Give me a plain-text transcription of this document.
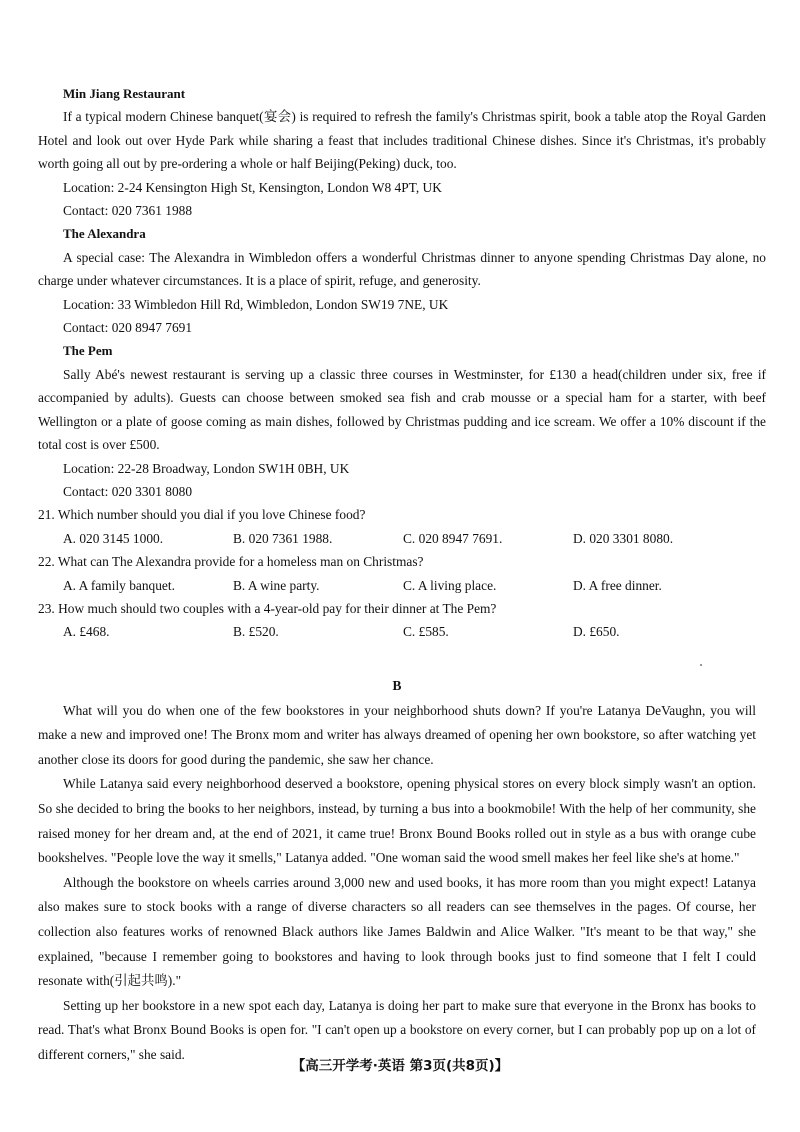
Min Jiang Restaurant

If a typical modern Chinese banquet(宴会) is required to refresh the family's Christmas spirit, book a table atop the Royal Garden Hotel and look out over Hyde Park while sharing a feast that includes traditional Chinese dishes. Since it's Christmas, it's probably worth going all out by pre-ordering a whole or half Beijing(Peking) duck, too.

Location: 2-24 Kensington High St, Kensington, London W8 4PT, UK

Contact: 020 7361 1988

The Alexandra

A special case: The Alexandra in Wimbledon offers a wonderful Christmas dinner to anyone spending Christmas Day alone, no charge under whatever circumstances. It is a place of spirit, refuge, and generosity.

Location: 33 Wimbledon Hill Rd, Wimbledon, London SW19 7NE, UK

Contact: 020 8947 7691

The Pem

Sally Abé's newest restaurant is serving up a classic three courses in Westminster, for £130 a head(children under six, free if accompanied by adults). Guests can choose between smoked sea fish and crab mousse or a special ham for a starter, with beef Wellington or a plate of goose coming as main dishes, followed by Christmas pudding and ice scream. We offer a 10% discount if the total cost is over £500.

Location: 22-28 Broadway, London SW1H 0BH, UK

Contact: 020 3301 8080

21. Which number should you dial if you love Chinese food?

A. 020 3145 1000.	B. 020 7361 1988.	C. 020 8947 7691.	D. 020 3301 8080.

22. What can The Alexandra provide for a homeless man on Christmas?

A. A family banquet.	B. A wine party.	C. A living place.	D. A free dinner.

23. How much should two couples with a 4-year-old pay for their dinner at The Pem?

A. £468.	B. £520.	C. £585.	D. £650.

B

What will you do when one of the few bookstores in your neighborhood shuts down? If you're Latanya DeVaughn, you will make a new and improved one! The Bronx mom and writer has always dreamed of opening her own bookstore, so after watching yet another close its doors for good during the pandemic, she saw her chance.

While Latanya said every neighborhood deserved a bookstore, opening physical stores on every block simply wasn't an option. So she decided to bring the books to her neighbors, instead, by turning a bus into a bookmobile! With the help of her community, she raised money for her dream and, at the end of 2021, it came true! Bronx Bound Books rolled out in style as a bus with orange cube bookshelves. "People love the way it smells," Latanya added. "One woman said the wood smell makes her feel like she's at home."

Although the bookstore on wheels carries around 3,000 new and used books, it has more room than you might expect! Latanya also makes sure to stock books with a range of diverse characters so all readers can see themselves in the pages. Of course, her collection also features works of renowned Black authors like James Baldwin and Alice Walker. "It's meant to be that way," she explained, "because I remember going to bookstores and having to look through books just to find someone that I felt I could resonate with(引起共鸣)."

Setting up her bookstore in a new spot each day, Latanya is doing her part to make sure that everyone in the Bronx has books to read. That's what Bronx Bound Books is open for. "I can't open up a bookstore on every corner, but I can probably pop up on a lot of different corners," she said.

【高三开学考·英语 第3页(共8页)】
